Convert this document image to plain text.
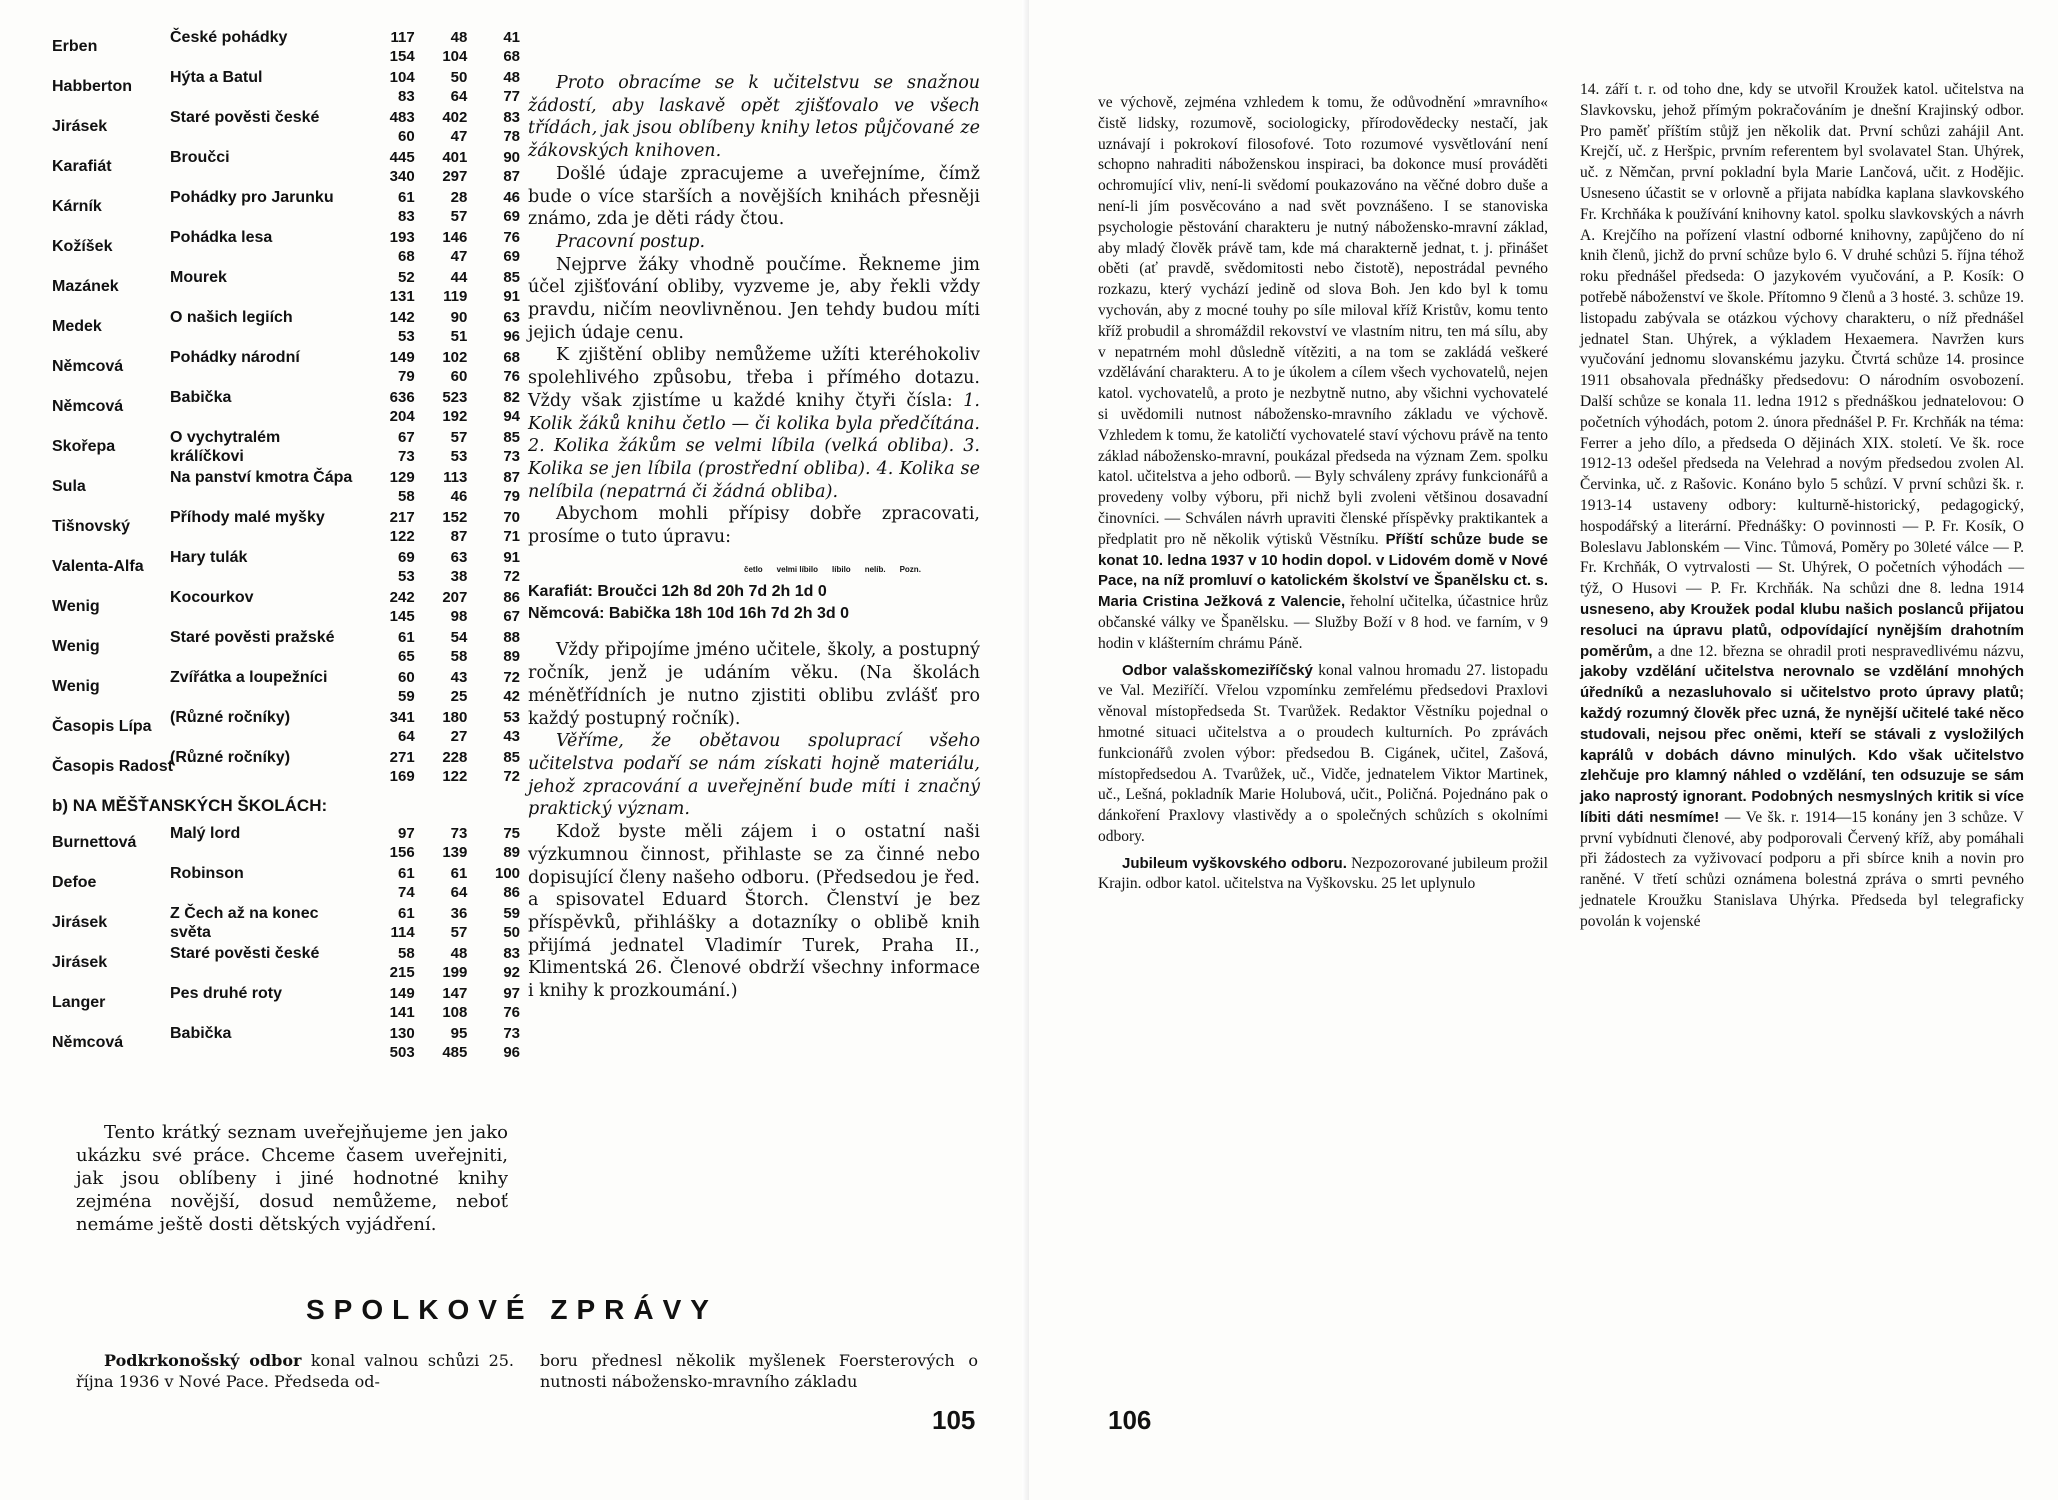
Erben
České pohádky	117	48	41
154	104	68
Habberton
Hýta a Batul	104	50	48
83	64	77
Jirásek
Staré pověsti české	483	402	83
60	47	78
Karafiát
Broučci	445	401	90
340	297	87
Kárník
Pohádky pro Jarunku	61	28	46
83	57	69
Kožíšek
Pohádka lesa	193	146	76
68	47	69
Mazánek
Mourek	52	44	85
131	119	91
Medek
O našich legiích	142	90	63
53	51	96
Němcová
Pohádky národní	149	102	68
79	60	76
Němcová
Babička	636	523	82
204	192	94
Skořepa
O vychytralém králíčkovi
67	57	85
73	53	73
Sula
Na panství kmotra Čápa	129	113	87
58	46	79
Tišnovský
Příhody malé myšky	217	152	70
122	87	71
Valenta-Alfa
Hary tulák	69	63	91
53	38	72
Wenig
Kocourkov	242	207	86
145	98	67
Wenig
Staré pověsti pražské	61	54	88
65	58	89
Wenig
Zvířátka a loupežníci	60	43	72
59	25	42
Časopis Lípa
(Různé ročníky)	341	180	53
64	27	43
Časopis Radost
(Různé ročníky)	271	228	85
169	122	72
b) NA MĚŠŤANSKÝCH ŠKOLÁCH:
Burnettová
Malý lord	97	73	75
156	139	89
Defoe
Robinson	61	61	100
74	64	86
Jirásek
Z Čech až na konec světa
61	36	59
114	57	50
Jirásek
Staré pověsti české	58	48	83
215	199	92
Langer
Pes druhé roty	149	147	97
141	108	76
Němcová
Babička	130	95	73
503	485	96

Tento krátký seznam uveřejňujeme jen jako ukázku své práce. Chceme časem uveřejniti, jak jsou oblíbeny i jiné hodnotné knihy zejména novější, dosud nemůžeme, neboť nemáme ještě dosti dětských vyjádření.

Proto obracíme se k učitelstvu se snažnou žádostí, aby laskavě opět zjišťovalo ve všech třídách, jak jsou oblíbeny knihy letos půjčované ze žákovských knihoven.

Došlé údaje zpracujeme a uveřejníme, čímž bude o více starších a novějších knihách přesněji známo, zda je děti rády čtou.

Pracovní postup.

Nejprve žáky vhodně poučíme. Řekneme jim účel zjišťování obliby, vyzveme je, aby řekli vždy pravdu, ničím neovlivněnou. Jen tehdy budou míti jejich údaje cenu.

K zjištění obliby nemůžeme užíti kteréhokoliv spolehlivého způsobu, třeba i přímého dotazu. Vždy však zjistíme u každé knihy čtyři čísla: 1. Kolik žáků knihu četlo — či kolika byla předčítána. 2. Kolika žákům se velmi líbila (velká obliba). 3. Kolika se jen líbila (prostřední obliba). 4. Kolika se nelíbila (nepatrná či žádná obliba).

Abychom mohli přípisy dobře zpracovati, prosíme o tuto úpravu:

četlo velmi líbilo líbilo nelíb. Pozn.
Karafiát: Broučci 12h 8d 20h 7d 2h 1d 0
Němcová: Babička 18h 10d 16h 7d 2h 3d 0

Vždy připojíme jméno učitele, školy, a postupný ročník, jenž je udáním věku. (Na školách méněťřídních je nutno zjistiti oblibu zvlášť pro každý postupný ročník).

Věříme, že obětavou spoluprací všeho učitelstva podaří se nám získati hojně materiálu, jehož zpracování a uveřejnění bude míti i značný praktický význam.

Kdož byste měli zájem i o ostatní naši výzkumnou činnost, přihlaste se za činné nebo dopisující členy našeho odboru. (Předsedou je řed. a spisovatel Eduard Štorch. Členství je bez příspěvků, přihlášky a dotazníky o oblibě knih přijímá jednatel Vladimír Turek, Praha II., Klimentská 26. Členové obdrží všechny informace i knihy k prozkoumání.)

SPOLKOVÉ ZPRÁVY

Podkrkonošský odbor konal valnou schůzi 25. října 1936 v Nové Pace. Předseda od-

boru přednesl několik myšlenek Foersterových o nutnosti nábožensko-mravního základu

105

ve výchově, zejména vzhledem k tomu, že odůvodnění »mravního« čistě lidsky, rozumově, sociologicky, přírodovědecky nestačí, jak uznávají i pokrokoví filosofové. Toto rozumové vysvětlování není schopno nahraditi náboženskou inspiraci, ba dokonce musí prováděti ochromující vliv, není-li svědomí poukazováno na věčné dobro duše a není-li jím posvěcováno a nad svět povznášeno. I se stanoviska psychologie pěstování charakteru je nutný nábožensko-mravní základ, aby mladý člověk právě tam, kde má charakterně jednat, t. j. přinášet oběti (ať pravdě, svědomitosti nebo čistotě), nepostrádal pevného rozkazu, který vychází jedině od slova Boh. Jen kdo byl k tomu vychován, aby z mocné touhy po síle miloval kříž Kristův, komu tento kříž probudil a shromáždil rekovství ve vlastním nitru, ten má sílu, aby v nepatrném mohl důsledně vítěziti, a na tom se zakládá veškeré vzdělávání charakteru. A to je úkolem a cílem všech vychovatelů, nejen katol. vychovatelů, a proto je nezbytně nutno, aby všichni vychovatelé si uvědomili nutnost nábožensko-mravního základu ve výchově. Vzhledem k tomu, že katoličtí vychovatelé staví výchovu právě na tento základ nábožensko-mravní, poukázal předseda na význam Zem. spolku katol. učitelstva a jeho odborů. — Byly schváleny zprávy funkcionářů a provedeny volby výboru, při nichž byli zvoleni většinou dosavadní činovníci. — Schválen návrh upraviti členské příspěvky praktikantek a předplatit pro ně několik výtisků Věstníku. Příští schůze bude se konat 10. ledna 1937 v 10 hodin dopol. v Lidovém domě v Nové Pace, na níž promluví o katolickém školství ve Španělsku ct. s. Maria Cristina Ježková z Valencie, řeholní učitelka, účastnice hrůz občanské války ve Španělsku. — Služby Boží v 8 hod. ve farním, v 9 hodin v klášterním chrámu Páně.

Odbor valašskomeziříčský konal valnou hromadu 27. listopadu ve Val. Meziříčí. Vřelou vzpomínku zemřelému předsedovi Praxlovi věnoval místopředseda St. Tvarůžek. Redaktor Věstníku pojednal o hmotné situaci učitelstva a o proudech kulturních. Po zprávách funkcionářů zvolen výbor: předsedou B. Cigánek, učitel, Zašová, místopředsedou A. Tvarůžek, uč., Vidče, jednatelem Viktor Martinek, uč., Lešná, pokladník Marie Holubová, učit., Poličná. Pojednáno pak o dánkoření Praxlovy vlastivědy a o společných schůzích s okolními odbory.

Jubileum vyškovského odboru. Nezpozorované jubileum prožil Krajin. odbor katol. učitelstva na Vyškovsku. 25 let uplynulo

14. září t. r. od toho dne, kdy se utvořil Kroužek katol. učitelstva na Slavkovsku, jehož přímým pokračováním je dnešní Krajinský odbor. Pro paměť příštím stůjž jen několik dat. První schůzi zahájil Ant. Krejčí, uč. z Heršpic, prvním referentem byl svolavatel Stan. Uhýrek, uč. z Němčan, první pokladní byla Marie Lančová, učit. z Hodějic. Usneseno účastit se v orlovně a přijata nabídka kaplana slavkovského Fr. Krchňáka k používání knihovny katol. spolku slavkovských a návrh A. Krejčího na pořízení vlastní odborné knihovny, zapůjčeno do ní knih členů, jichž do první schůze bylo 6. V druhé schůzi 5. října téhož roku přednášel předseda: O jazykovém vyučování, a P. Kosík: O potřebě náboženství ve škole. Přítomno 9 členů a 3 hosté. 3. schůze 19. listopadu zabývala se otázkou výchovy charakteru, o níž přednášel jednatel Stan. Uhýrek, a výkladem Hexaemera. Navržen kurs vyučování jednomu slovanskému jazyku. Čtvrtá schůze 14. prosince 1911 obsahovala přednášky předsedovu: O národním osvobození. Další schůze se konala 11. ledna 1912 s přednáškou jednatelovou: O početních výhodách, potom 2. února přednášel P. Fr. Krchňák na téma: Ferrer a jeho dílo, a předseda O dějinách XIX. století. Ve šk. roce 1912-13 odešel předseda na Velehrad a novým předsedou zvolen Al. Červinka, uč. z Rašovic. Konáno bylo 5 schůzí. V první schůzi šk. r. 1913-14 ustaveny odbory: kulturně-historický, pedagogický, hospodářský a literární. Přednášky: O povinnosti — P. Fr. Kosík, O Boleslavu Jablonském — Vinc. Tůmová, Poměry po 30leté válce — P. Fr. Krchňák, O vytrvalosti — St. Uhýrek, O početních výhodách — týž, O Husovi — P. Fr. Krchňák. Na schůzi dne 8. ledna 1914 usneseno, aby Kroužek podal klubu našich poslanců přijatou resoluci na úpravu platů, odpovídající nynějším drahotním poměrům, a dne 12. března se ohradil proti nespravedlivému názvu, jakoby vzdělání učitelstva nerovnalo se vzdělání mnohých úředníků a nezasluhovalo si učitelstvo proto úpravy platů; každý rozumný člověk přec uzná, že nynější učitelé také něco studovali, nejsou přec oněmi, kteří se stávali z vysložilých kaprálů v dobách dávno minulých. Kdo však učitelstvo zlehčuje pro klamný náhled o vzdělání, ten odsuzuje se sám jako naprostý ignorant. Podobných nesmyslných kritik si více líbiti dáti nesmíme! — Ve šk. r. 1914—15 konány jen 3 schůze. V první vybídnuti členové, aby podporovali Červený kříž, aby pomáhali při žádostech za vyživovací podporu a při sbírce knih a novin pro raněné. V třetí schůzi oznámena bolestná zpráva o smrti pevného jednatele Kroužku Stanislava Uhýrka. Předseda byl telegraficky povolán k vojenské

106
